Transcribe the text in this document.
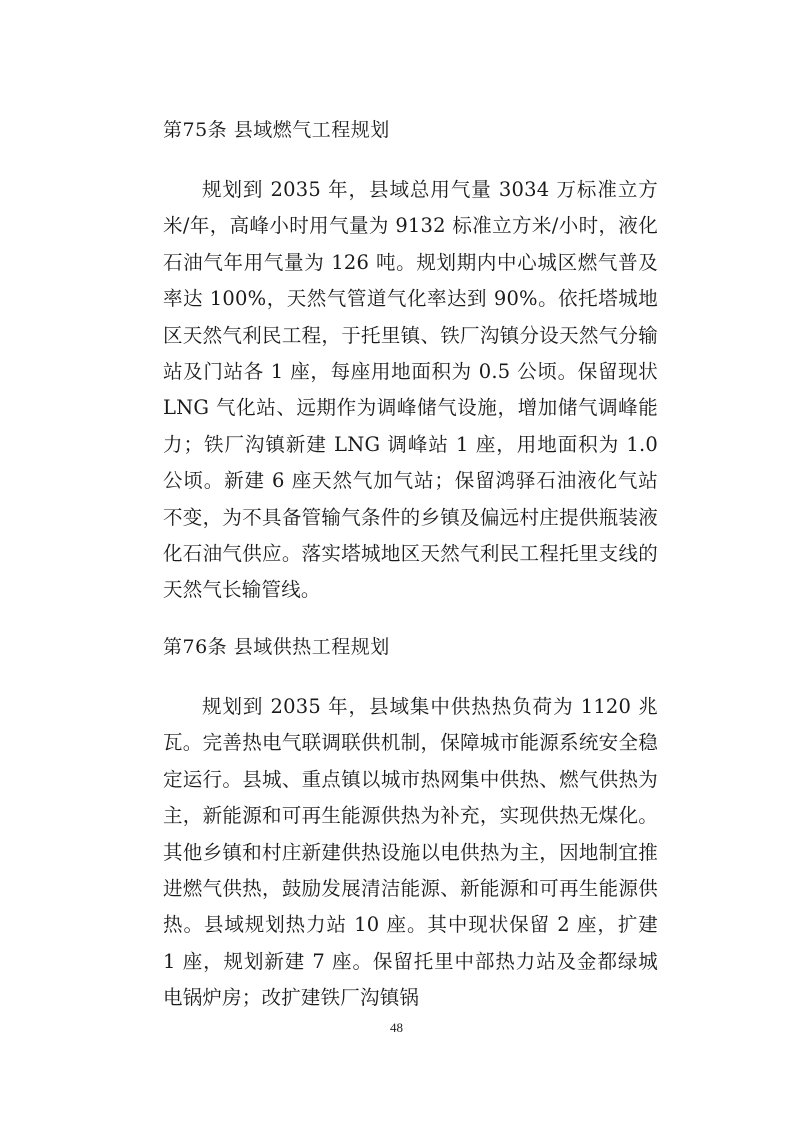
第75条 县域燃气工程规划

规划到 2035 年，县域总用气量 3034 万标准立方米/年，高峰小时用气量为 9132 标准立方米/小时，液化石油气年用气量为 126 吨。规划期内中心城区燃气普及率达 100%，天然气管道气化率达到 90%。依托塔城地区天然气利民工程，于托里镇、铁厂沟镇分设天然气分输站及门站各 1 座，每座用地面积为 0.5 公顷。保留现状 LNG 气化站、远期作为调峰储气设施，增加储气调峰能力；铁厂沟镇新建 LNG 调峰站 1 座，用地面积为 1.0 公顷。新建 6 座天然气加气站；保留鸿驿石油液化气站不变，为不具备管输气条件的乡镇及偏远村庄提供瓶装液化石油气供应。落实塔城地区天然气利民工程托里支线的天然气长输管线。

第76条 县域供热工程规划

规划到 2035 年，县域集中供热热负荷为 1120 兆瓦。完善热电气联调联供机制，保障城市能源系统安全稳定运行。县城、重点镇以城市热网集中供热、燃气供热为主，新能源和可再生能源供热为补充，实现供热无煤化。其他乡镇和村庄新建供热设施以电供热为主，因地制宜推进燃气供热，鼓励发展清洁能源、新能源和可再生能源供热。县域规划热力站 10 座。其中现状保留 2 座，扩建 1 座，规划新建 7 座。保留托里中部热力站及金都绿城电锅炉房；改扩建铁厂沟镇锅

48
